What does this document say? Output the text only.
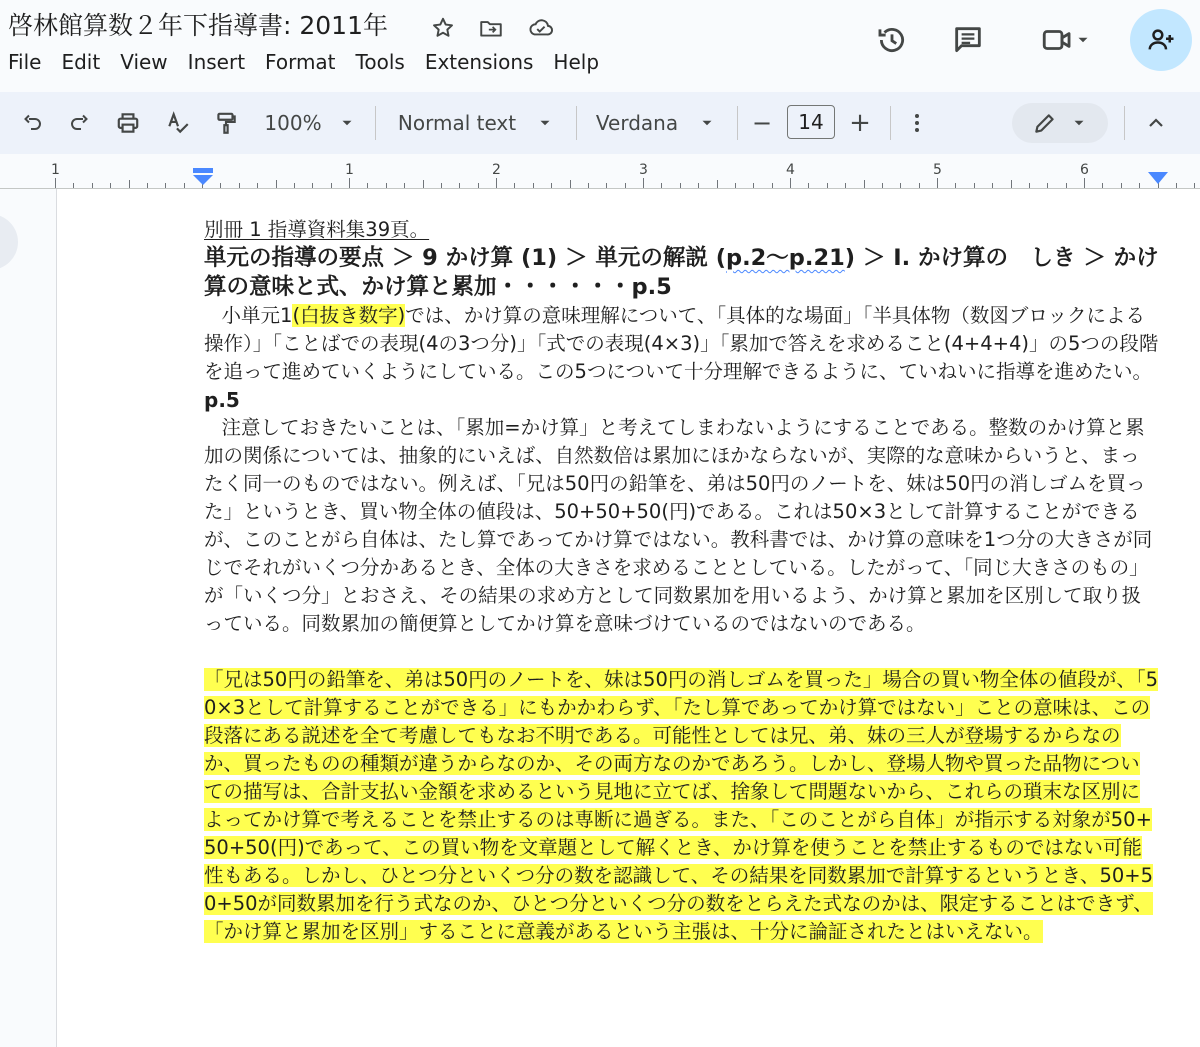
啓林館算数２年下指導書: 2011年
File	Edit	View	Insert	Format	Tools	Extensions	Help
100%	Normal text	Verdana	−	+
14
1	1	2	3	4	5	6
別冊 1 指導資料集39頁。
単元の指導の要点 ＞ 9 かけ算 (1) ＞ 単元の解説 (p.2〜p.21) ＞ I. かけ算の　しき ＞ かけ算の意味と式、かけ算と累加・・・・・・p.5
小単元1(白抜き数字)では、かけ算の意味理解について、「具体的な場面」「半具体物（数図ブロックによる操作）」「ことばでの表現(4の3つ分)」「式での表現(4×3)」「累加で答えを求めること(4+4+4)」の5つの段階を追って進めていくようにしている。この5つについて十分理解できるように、ていねいに指導を進めたい。
p.5
注意しておきたいことは、「累加=かけ算」と考えてしまわないようにすることである。整数のかけ算と累加の関係については、抽象的にいえば、自然数倍は累加にほかならないが、実際的な意味からいうと、まったく同一のものではない。例えば、「兄は50円の鉛筆を、弟は50円のノートを、妹は50円の消しゴムを買った」というとき、買い物全体の値段は、50+50+50(円)である。これは50×3として計算することができるが、このことがら自体は、たし算であってかけ算ではない。教科書では、かけ算の意味を1つ分の大きさが同じでそれがいくつ分かあるとき、全体の大きさを求めることとしている。したがって、「同じ大きさのもの」が「いくつ分」とおさえ、その結果の求め方として同数累加を用いるよう、かけ算と累加を区別して取り扱っている。同数累加の簡便算としてかけ算を意味づけているのではないのである。
「兄は50円の鉛筆を、弟は50円のノートを、妹は50円の消しゴムを買った」場合の買い物全体の値段が、「50×3として計算することができる」にもかかわらず、「たし算であってかけ算ではない」ことの意味は、この段落にある説述を全て考慮してもなお不明である。可能性としては兄、弟、妹の三人が登場するからなのか、買ったものの種類が違うからなのか、その両方なのかであろう。しかし、登場人物や買った品物についての描写は、合計支払い金額を求めるという見地に立てば、捨象して問題ないから、これらの瑣末な区別によってかけ算で考えることを禁止するのは専断に過ぎる。また、「このことがら自体」が指示する対象が50+50+50(円)であって、この買い物を文章題として解くとき、かけ算を使うことを禁止するものではない可能性もある。しかし、ひとつ分といくつ分の数を認識して、その結果を同数累加で計算するというとき、50+50+50が同数累加を行う式なのか、ひとつ分といくつ分の数をとらえた式なのかは、限定することはできず、「かけ算と累加を区別」することに意義があるという主張は、十分に論証されたとはいえない。
